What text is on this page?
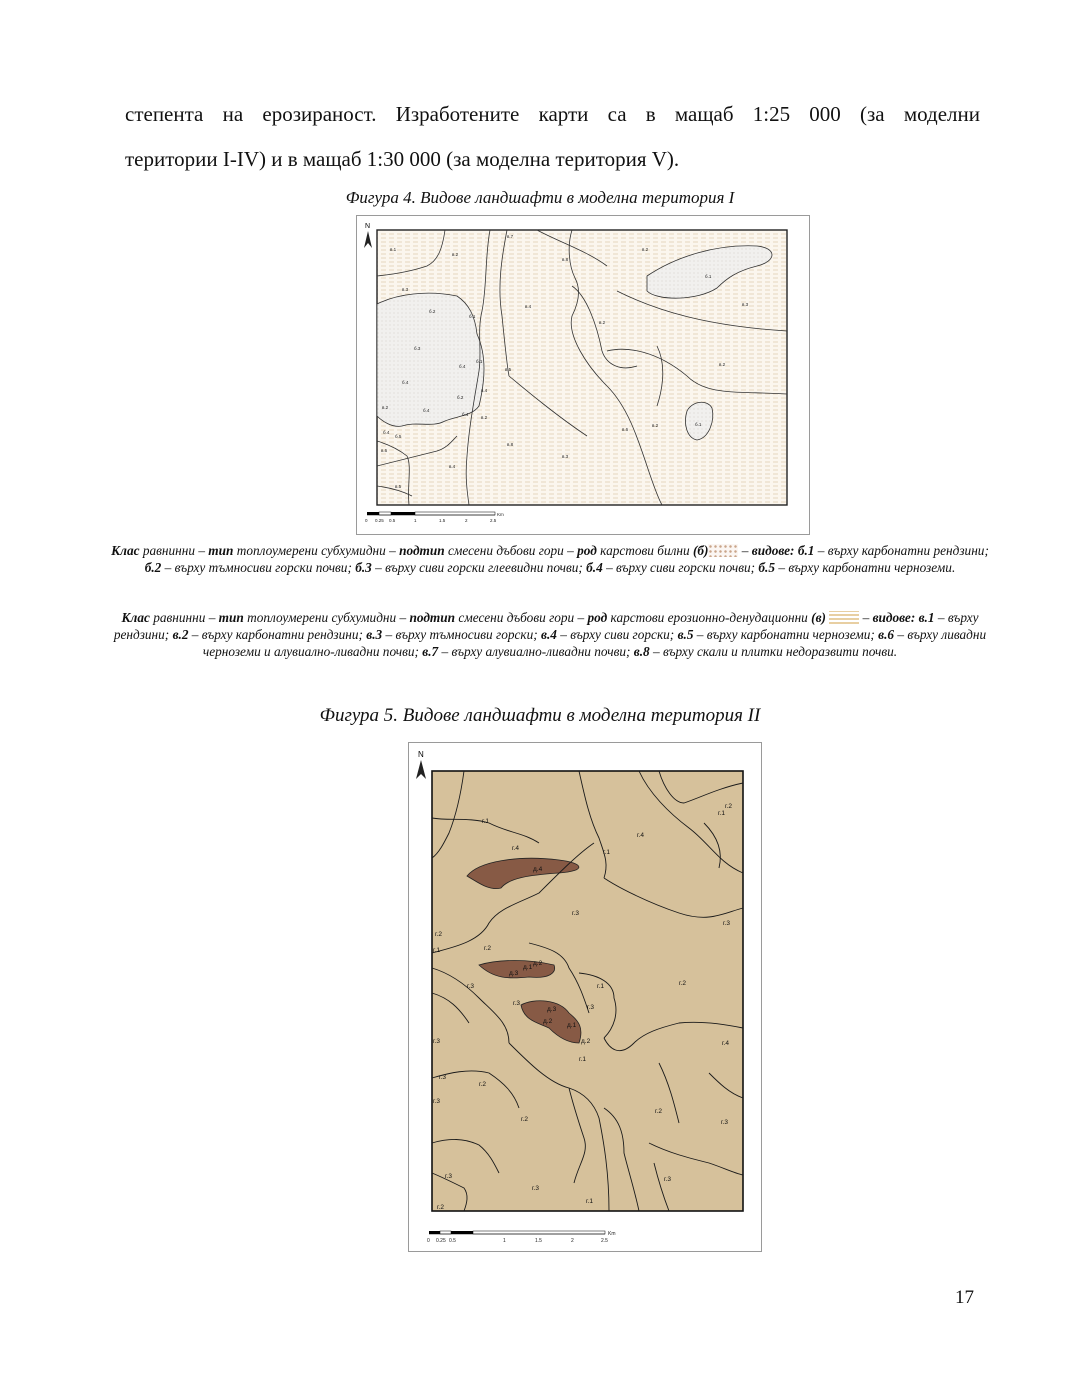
степента на ерозираност. Изработените карти са в мащаб 1:25 000 (за моделни
територии I-IV) и в мащаб 1:30 000 (за моделна територия V).

Фигура 4. Видове ландшафти в моделна територия I

в.1
в.2
в.7
в.8
в.2
б.1
в.3
б.2
в.3
б.3
в.4
в.2
б.4
б.1
в.5
б.4
б.1
б.2
в.4
б.4
б.4
в.2
в.2
б.4
в.6
б.5
в.4
в.5
в.3
в.2
в.6
в.2
б.1
в.8
N
0 0.25 0.5	1	1.5	2	2.5
Km

Клас равнинни – тип топлоумерени субхумидни – подтип смесени дъбови гори – род карстови билни (б) – видове: б.1 – върху карбонатни рендзини; б.2 – върху тъмносиви горски почви; б.3 – върху сиви горски глеевидни почви; б.4 – върху сиви горски почви; б.5 – върху карбонатни черноземи.

Клас равнинни – тип топлоумерени субхумидни – подтип смесени дъбови гори – род карстови ерозионно-денудационни (в)	– видове: в.1 – върху рендзини; в.2 – върху карбонатни рендзини; в.3 – върху тъмносиви горски; в.4 – върху сиви горски; в.5 – върху карбонатни черноземи; в.6 – върху ливадни черноземи и алувиално-ливадни почви; в.7 – върху алувиално-ливадни почви; в.8 – върху скали и плитки недоразвити почви.

Фигура 5. Видове ландшафти в моделна територия II

г.1
г.4
г.4
д.4
г.1
г.1
г.2
г.3
г.3
г.2
г.2
г.1
д.3
д.1
д.2
г.3	г.1	г.2
г.3
г.3
д.3
д.2
д.1
д.2
г.1
г.3	г.4
г.3
г.2
г.3
г.2
г.2
г.3
г.3
г.3
г.3
г.1
г.2
N
0 0.25 0.5	1	1.5	2	2.5
Km
17
